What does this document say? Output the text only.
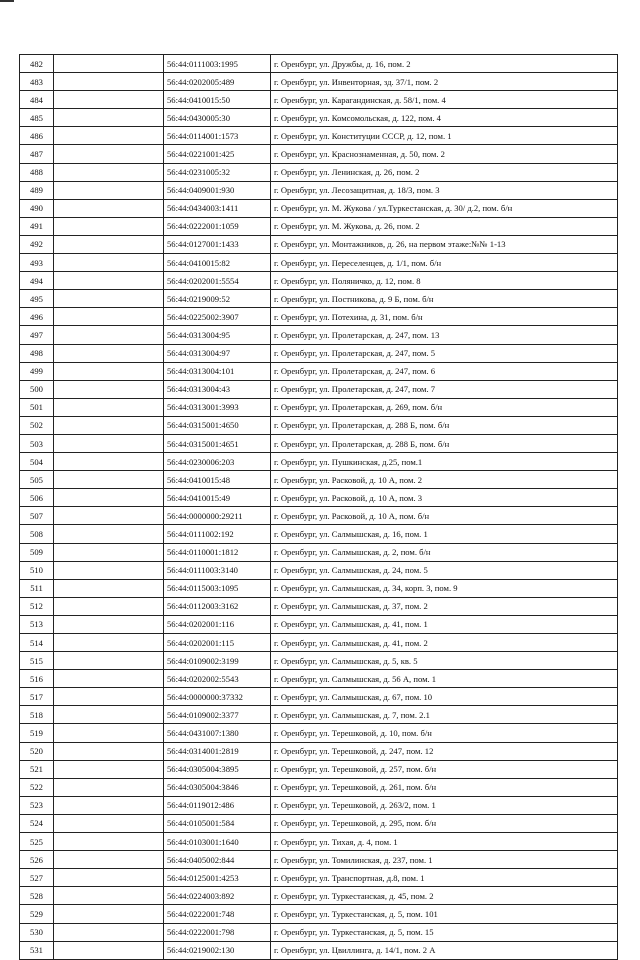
482		56:44:0111003:1995	г. Оренбург, ул. Дружбы, д. 16, пом. 2
483		56:44:0202005:489	г. Оренбург, ул. Инвенторная, зд. 37/1, пом. 2
484		56:44:0410015:50	г. Оренбург, ул. Карагандинская, д. 58/1, пом. 4
485		56:44:0430005:30	г. Оренбург, ул. Комсомольская, д. 122, пом. 4
486		56:44:0114001:1573	г. Оренбург, ул. Конституции СССР, д. 12, пом. 1
487		56:44:0221001:425	г. Оренбург, ул. Краснознаменная, д. 50, пом. 2
488		56:44:0231005:32	г. Оренбург, ул. Ленинская, д. 26, пом. 2
489		56:44:0409001:930	г. Оренбург, ул. Лесозащитная, д. 18/3, пом. 3
490		56:44:0434003:1411	г. Оренбург, ул. М. Жукова / ул.Туркестанская, д. 30/ д.2, пом. б/н
491		56:44:0222001:1059	г. Оренбург, ул. М. Жукова, д. 26, пом. 2
492		56:44:0127001:1433	г. Оренбург, ул. Монтажников, д. 26, на первом этаже:№№ 1-13
493		56:44:0410015:82	г. Оренбург, ул. Переселенцев, д. 1/1, пом. б/н
494		56:44:0202001:5554	г. Оренбург, ул. Поляничко, д. 12, пом. 8
495		56:44:0219009:52	г. Оренбург, ул. Постникова, д. 9 Б, пом. б/н
496		56:44:0225002:3907	г. Оренбург, ул. Потехина, д. 31, пом. б/н
497		56:44:0313004:95	г. Оренбург, ул. Пролетарская, д. 247, пом. 13
498		56:44:0313004:97	г. Оренбург, ул. Пролетарская, д. 247, пом. 5
499		56:44:0313004:101	г. Оренбург, ул. Пролетарская, д. 247, пом. 6
500		56:44:0313004:43	г. Оренбург, ул. Пролетарская, д. 247, пом. 7
501		56:44:0313001:3993	г. Оренбург, ул. Пролетарская, д. 269, пом. б/н
502		56:44:0315001:4650	г. Оренбург, ул. Пролетарская, д. 288 Б, пом. б/н
503		56:44:0315001:4651	г. Оренбург, ул. Пролетарская, д. 288 Б, пом. б/н
504		56:44:0230006:203	г. Оренбург, ул. Пушкинская, д.25, пом.1
505		56:44:0410015:48	г. Оренбург, ул. Расковой, д. 10 А, пом. 2
506		56:44:0410015:49	г. Оренбург, ул. Расковой, д. 10 А, пом. 3
507		56:44:0000000:29211	г. Оренбург, ул. Расковой, д. 10 А, пом. б/н
508		56:44:0111002:192	г. Оренбург, ул. Салмышская, д. 16, пом. 1
509		56:44:0110001:1812	г. Оренбург, ул. Салмышская, д. 2, пом. б/н
510		56:44:0111003:3140	г. Оренбург, ул. Салмышская, д. 24, пом. 5
511		56:44:0115003:1095	г. Оренбург, ул. Салмышская, д. 34, корп. 3, пом. 9
512		56:44:0112003:3162	г. Оренбург, ул. Салмышская, д. 37, пом. 2
513		56:44:0202001:116	г. Оренбург, ул. Салмышская, д. 41, пом. 1
514		56:44:0202001:115	г. Оренбург, ул. Салмышская, д. 41, пом. 2
515		56:44:0109002:3199	г. Оренбург, ул. Салмышская, д. 5, кв. 5
516		56:44:0202002:5543	г. Оренбург, ул. Салмышская, д. 56 А, пом. 1
517		56:44:0000000:37332	г. Оренбург, ул. Салмышская, д. 67, пом. 10
518		56:44:0109002:3377	г. Оренбург, ул. Салмышская, д. 7, пом. 2.1
519		56:44:0431007:1380	г. Оренбург, ул. Терешковой, д. 10, пом. б/н
520		56:44:0314001:2819	г. Оренбург, ул. Терешковой, д. 247, пом. 12
521		56:44:0305004:3895	г. Оренбург, ул. Терешковой, д. 257, пом. б/н
522		56:44:0305004:3846	г. Оренбург, ул. Терешковой, д. 261, пом. б/н
523		56:44:0119012:486	г. Оренбург, ул. Терешковой, д. 263/2, пом. 1
524		56:44:0105001:584	г. Оренбург, ул. Терешковой, д. 295, пом. б/н
525		56:44:0103001:1640	г. Оренбург, ул. Тихая, д. 4, пом. 1
526		56:44:0405002:844	г. Оренбург, ул. Томилинская, д. 237, пом. 1
527		56:44:0125001:4253	г. Оренбург, ул. Транспортная, д.8, пом. 1
528		56:44:0224003:892	г. Оренбург, ул. Туркестанская, д. 45, пом. 2
529		56:44:0222001:748	г. Оренбург, ул. Туркестанская, д. 5, пом. 101
530		56:44:0222001:798	г. Оренбург, ул. Туркестанская, д. 5, пом. 15
531		56:44:0219002:130	г. Оренбург, ул. Цвиллинга, д. 14/1, пом. 2 А
